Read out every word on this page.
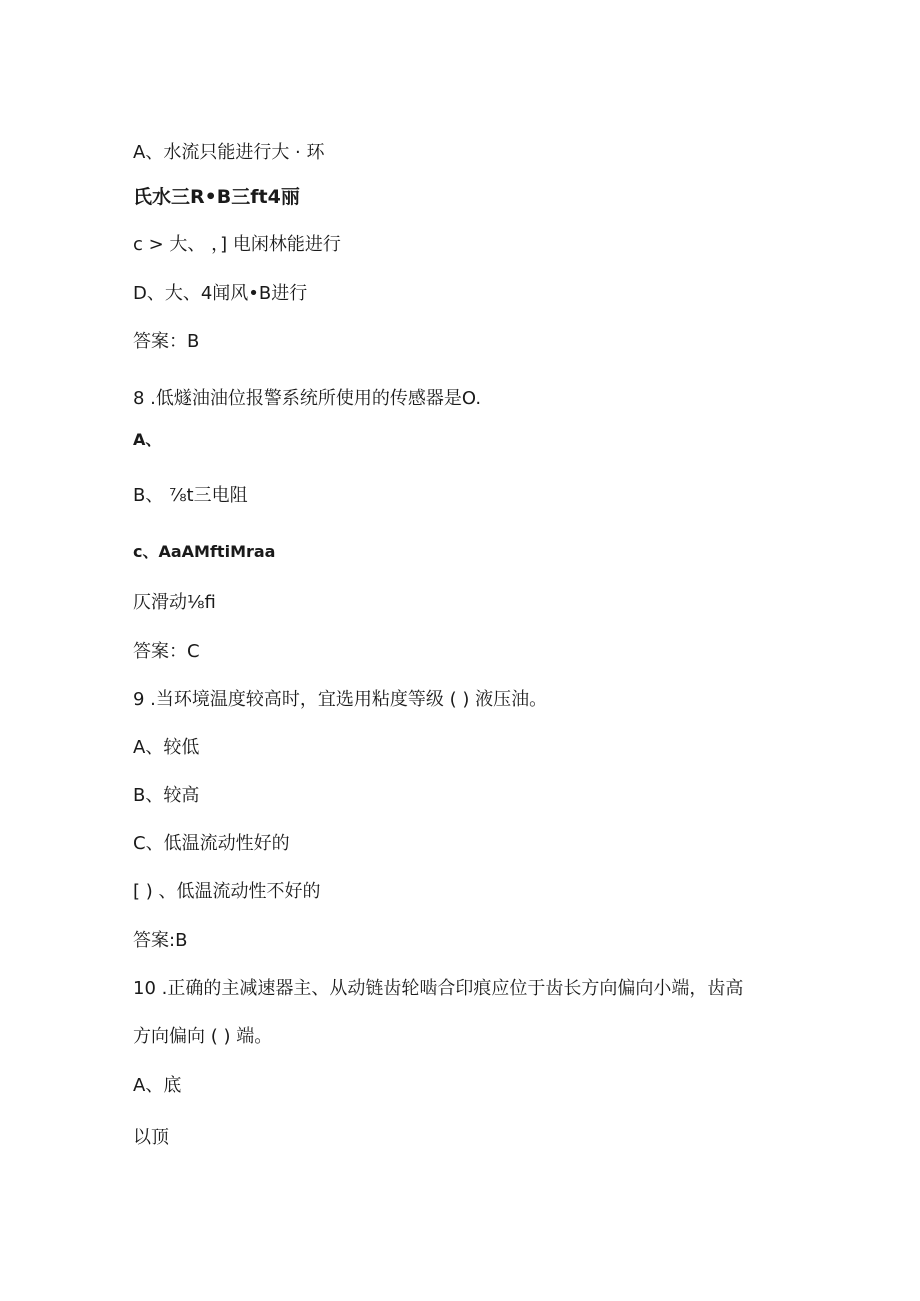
A、水流只能进行大 · 环
氏水三R•B三ft4丽
c > 大、 ，] 电闲林能进行
D、大、4闻风•B进行
答案：B
8 .低燧油油位报警系统所使用的传感器是O.
A、
B、 ⅞t三电阻
c、AaAMftiMraa
仄滑动⅛fi
答案：C
9 .当环境温度较高时，宜选用粘度等级 ( ) 液压油。
A、较低
B、较高
C、低温流动性好的
[ ) 、低温流动性不好的
答案:B
10 .正确的主减速器主、从动链齿轮啮合印痕应位于齿长方向偏向小端，齿高
方向偏向 ( ) 端。
A、底
以顶
